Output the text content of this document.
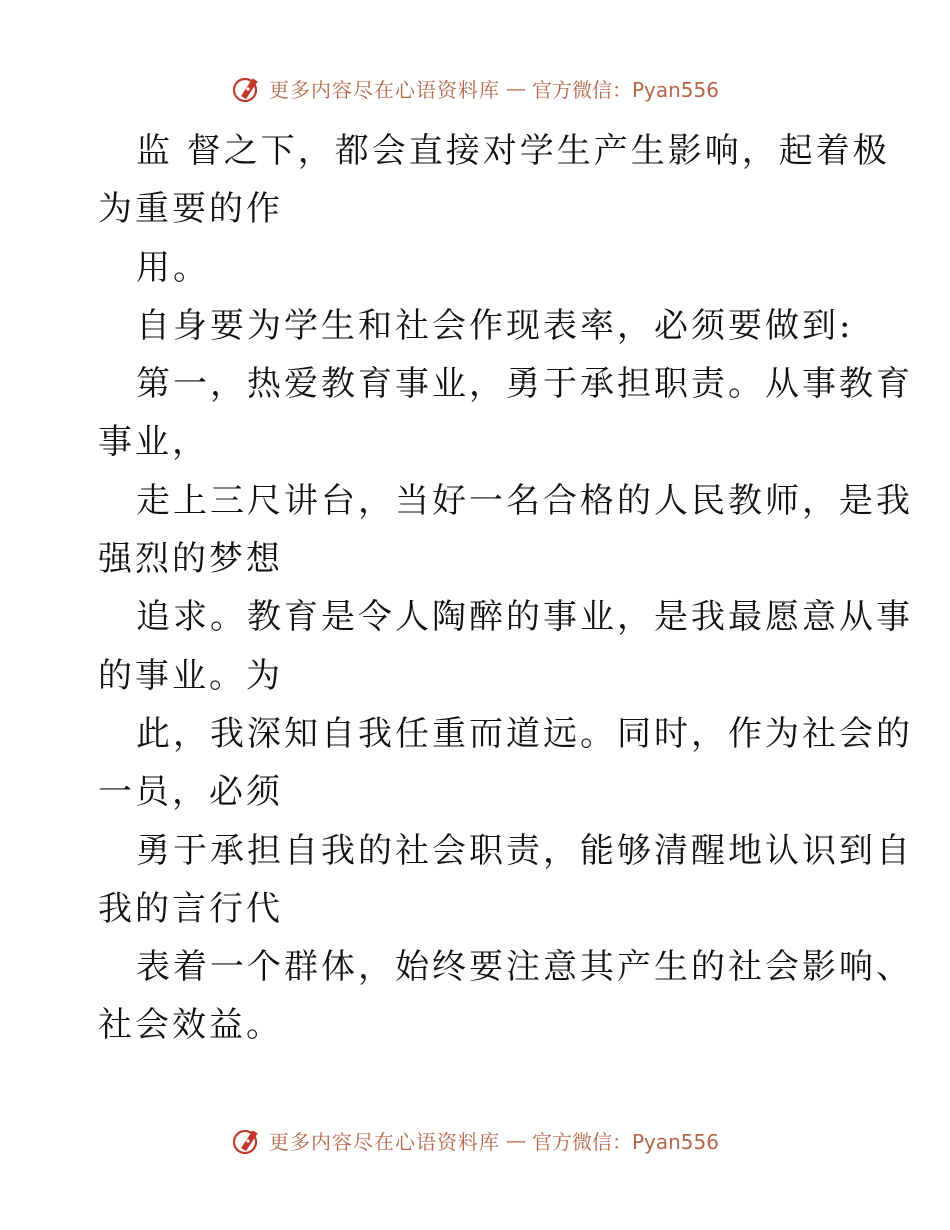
更多内容尽在心语资料库 — 官方微信：Pyan556
监 督之下，都会直接对学生产生影响，起着极
为重要的作
用。
自身要为学生和社会作现表率，必须要做到:
第一，热爱教育事业，勇于承担职责。从事教育
事业，
走上三尺讲台，当好一名合格的人民教师，是我
强烈的梦想
追求。教育是令人陶醉的事业，是我最愿意从事
的事业。为
此，我深知自我任重而道远。同时，作为社会的
一员，必须
勇于承担自我的社会职责，能够清醒地认识到自
我的言行代
表着一个群体，始终要注意其产生的社会影响、
社会效益。
更多内容尽在心语资料库 — 官方微信：Pyan556
